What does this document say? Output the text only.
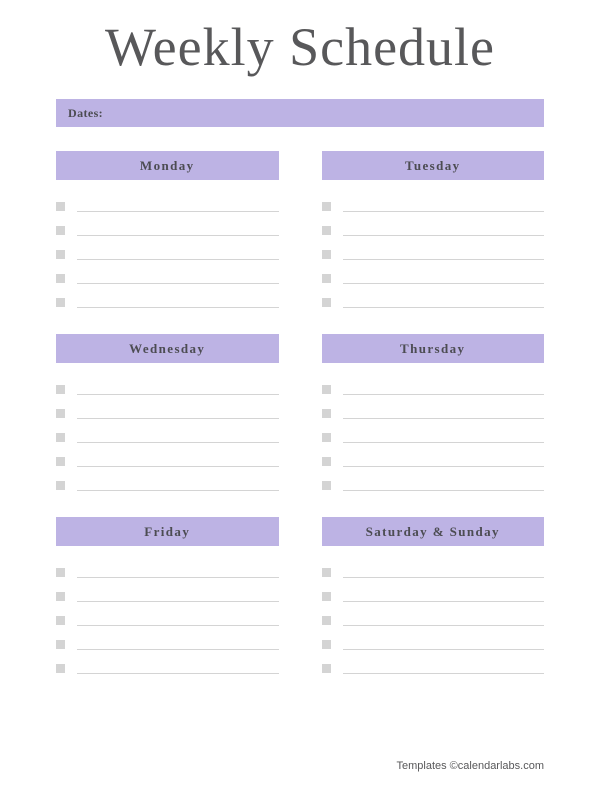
Weekly Schedule
Dates:
Monday	Tuesday
Wednesday	Thursday
Friday	Saturday & Sunday
Templates ©calendarlabs.com
